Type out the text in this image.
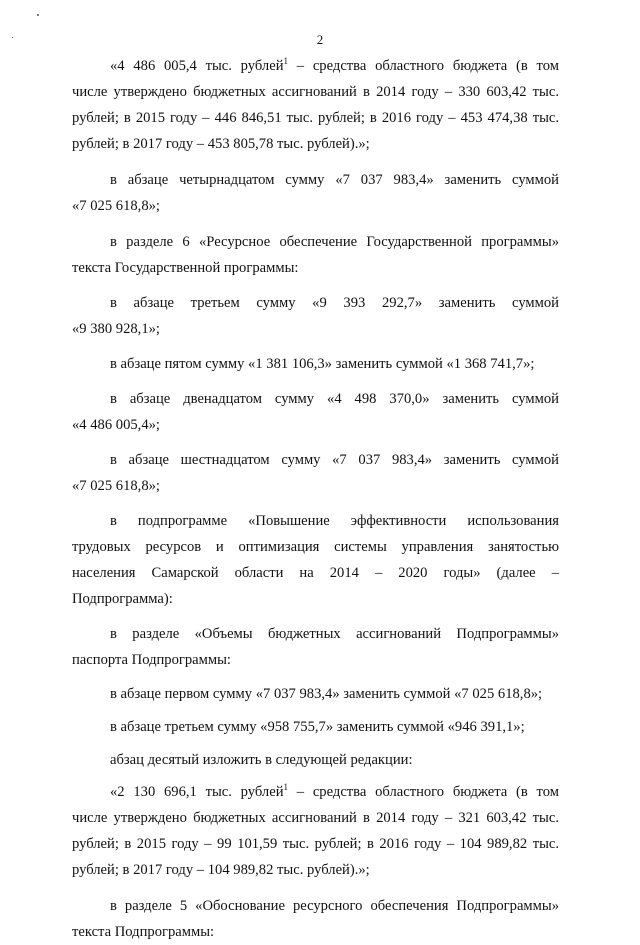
2
«4 486 005,4 тыс. рублей$^1$ – средства областного бюджета (в том
числе утверждено бюджетных ассигнований в 2014 году – 330 603,42 тыс.
рублей; в 2015 году – 446 846,51 тыс. рублей; в 2016 году – 453 474,38 тыс.
рублей; в 2017 году – 453 805,78 тыс. рублей).»;
в абзаце четырнадцатом сумму «7 037 983,4» заменить суммой
«7 025 618,8»;
в разделе 6 «Ресурсное обеспечение Государственной программы»
текста Государственной программы:
в абзаце третьем сумму «9 393 292,7» заменить суммой
«9 380 928,1»;
в абзаце пятом сумму «1 381 106,3» заменить суммой «1 368 741,7»;
в абзаце двенадцатом сумму «4 498 370,0» заменить суммой
«4 486 005,4»;
в абзаце шестнадцатом сумму «7 037 983,4» заменить суммой
«7 025 618,8»;
в подпрограмме «Повышение эффективности использования
трудовых ресурсов и оптимизация системы управления занятостью
населения Самарской области на 2014 – 2020 годы» (далее –
Подпрограмма):
в разделе «Объемы бюджетных ассигнований Подпрограммы»
паспорта Подпрограммы:
в абзаце первом сумму «7 037 983,4» заменить суммой «7 025 618,8»;
в абзаце третьем сумму «958 755,7» заменить суммой «946 391,1»;
абзац десятый изложить в следующей редакции:
«2 130 696,1 тыс. рублей$^1$ – средства областного бюджета (в том
числе утверждено бюджетных ассигнований в 2014 году – 321 603,42 тыс.
рублей; в 2015 году – 99 101,59 тыс. рублей; в 2016 году – 104 989,82 тыс.
рублей; в 2017 году – 104 989,82 тыс. рублей).»;
в разделе 5 «Обоснование ресурсного обеспечения Подпрограммы»
текста Подпрограммы:
